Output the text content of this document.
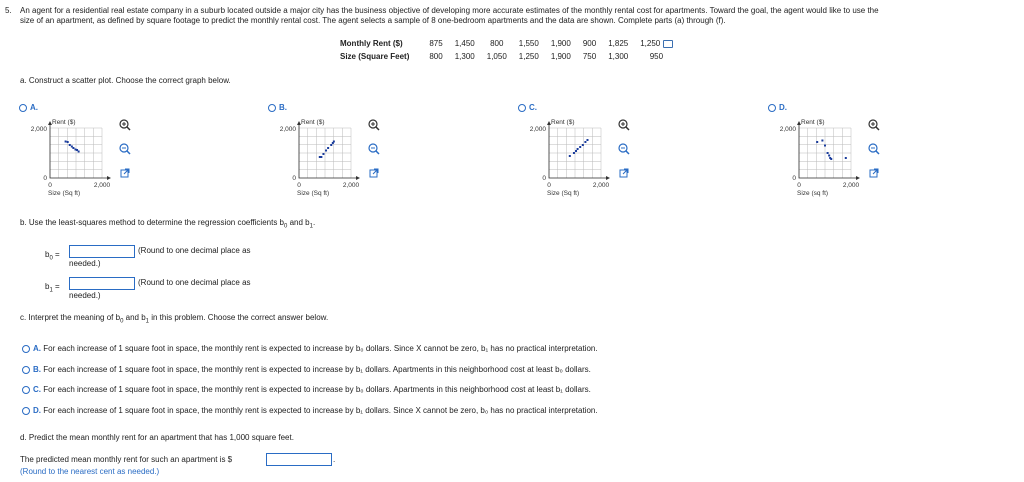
5. An agent for a residential real estate company in a suburb located outside a major city has the business objective of developing more accurate estimates of the monthly rental cost for apartments. Toward the goal, the agent would like to use the
size of an apartment, as defined by square footage to predict the monthly rental cost. The agent selects a sample of 8 one-bedroom apartments and the data are shown. Complete parts (a) through (f).
Monthly Rent ($)	875	1,450	800	1,550	1,900	900	1,825	1,250
Size (Square Feet)	800	1,300	1,050	1,250	1,900	750	1,300	950
a. Construct a scatter plot. Choose the correct graph below.
A.
Rent ($)
2,000
0
0	2,000
Size (Sq ft)
B.
Rent ($)
2,000
0
0	2,000
Size (Sq ft)
C.
Rent ($)
2,000
0
0	2,000
Size (Sq ft)
D.
Rent ($)
2,000
0
0	2,000
Size (sq ft)
b. Use the least-squares method to determine the regression coefficients $b_0$ and $b_1$.
$b_0$ =	(Round to one decimal place as
needed.)
$b_1$ =	(Round to one decimal place as
needed.)
c. Interpret the meaning of $b_0$ and $b_1$ in this problem. Choose the correct answer below.
A. For each increase of 1 square foot in space, the monthly rent is expected to increase by b₀ dollars. Since X cannot be zero, b₁ has no practical interpretation.
B. For each increase of 1 square foot in space, the monthly rent is expected to increase by b₁ dollars. Apartments in this neighborhood cost at least b₀ dollars.
C. For each increase of 1 square foot in space, the monthly rent is expected to increase by b₀ dollars. Apartments in this neighborhood cost at least b₁ dollars.
D. For each increase of 1 square foot in space, the monthly rent is expected to increase by b₁ dollars. Since X cannot be zero, b₀ has no practical interpretation.
d. Predict the mean monthly rent for an apartment that has 1,000 square feet.
The predicted mean monthly rent for such an apartment is $	.
(Round to the nearest cent as needed.)
